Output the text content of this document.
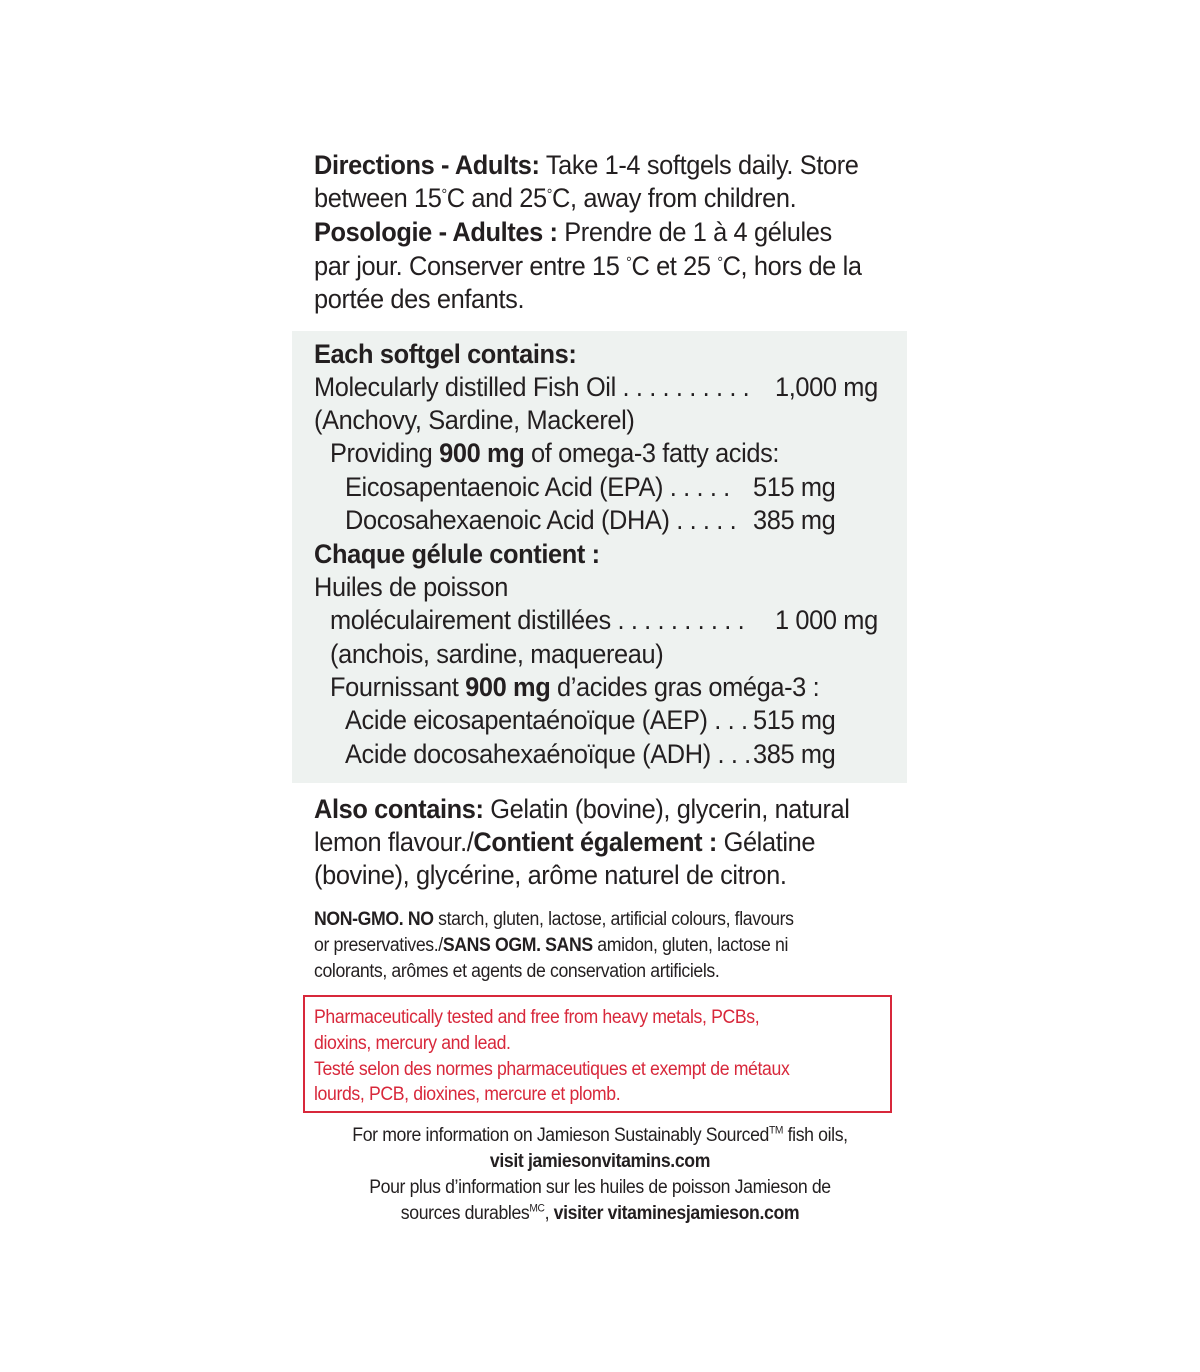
Directions - Adults: Take 1-4 softgels daily. Store
between 15°C and 25°C, away from children.
Posologie - Adultes : Prendre de 1 à 4 gélules
par jour. Conserver entre 15 °C et 25 °C, hors de la
portée des enfants.
Each softgel contains:
Molecularly distilled Fish Oil . . . . . . . . . . 1,000 mg
(Anchovy, Sardine, Mackerel)
Providing 900 mg of omega-3 fatty acids:
Eicosapentaenoic Acid (EPA) . . . . . 515 mg
Docosahexaenoic Acid (DHA) . . . . . 385 mg
Chaque gélule contient :
Huiles de poisson
moléculairement distillées . . . . . . . . . . 1 000 mg
(anchois, sardine, maquereau)
Fournissant 900 mg d’acides gras oméga-3 :
Acide eicosapentaénoïque (AEP) . . . 515 mg
Acide docosahexaénoïque (ADH) . . . 385 mg
Also contains: Gelatin (bovine), glycerin, natural
lemon flavour./Contient également : Gélatine
(bovine), glycérine, arôme naturel de citron.
NON-GMO. NO starch, gluten, lactose, artificial colours, flavours
or preservatives./SANS OGM. SANS amidon, gluten, lactose ni
colorants, arômes et agents de conservation artificiels.
Pharmaceutically tested and free from heavy metals, PCBs,
dioxins, mercury and lead.
Testé selon des normes pharmaceutiques et exempt de métaux
lourds, PCB, dioxines, mercure et plomb.
For more information on Jamieson Sustainably Sourced™ fish oils,
visit jamiesonvitamins.com
Pour plus d’information sur les huiles de poisson Jamieson de
sources durables$^{MC}$, visiter vitaminesjamieson.com
